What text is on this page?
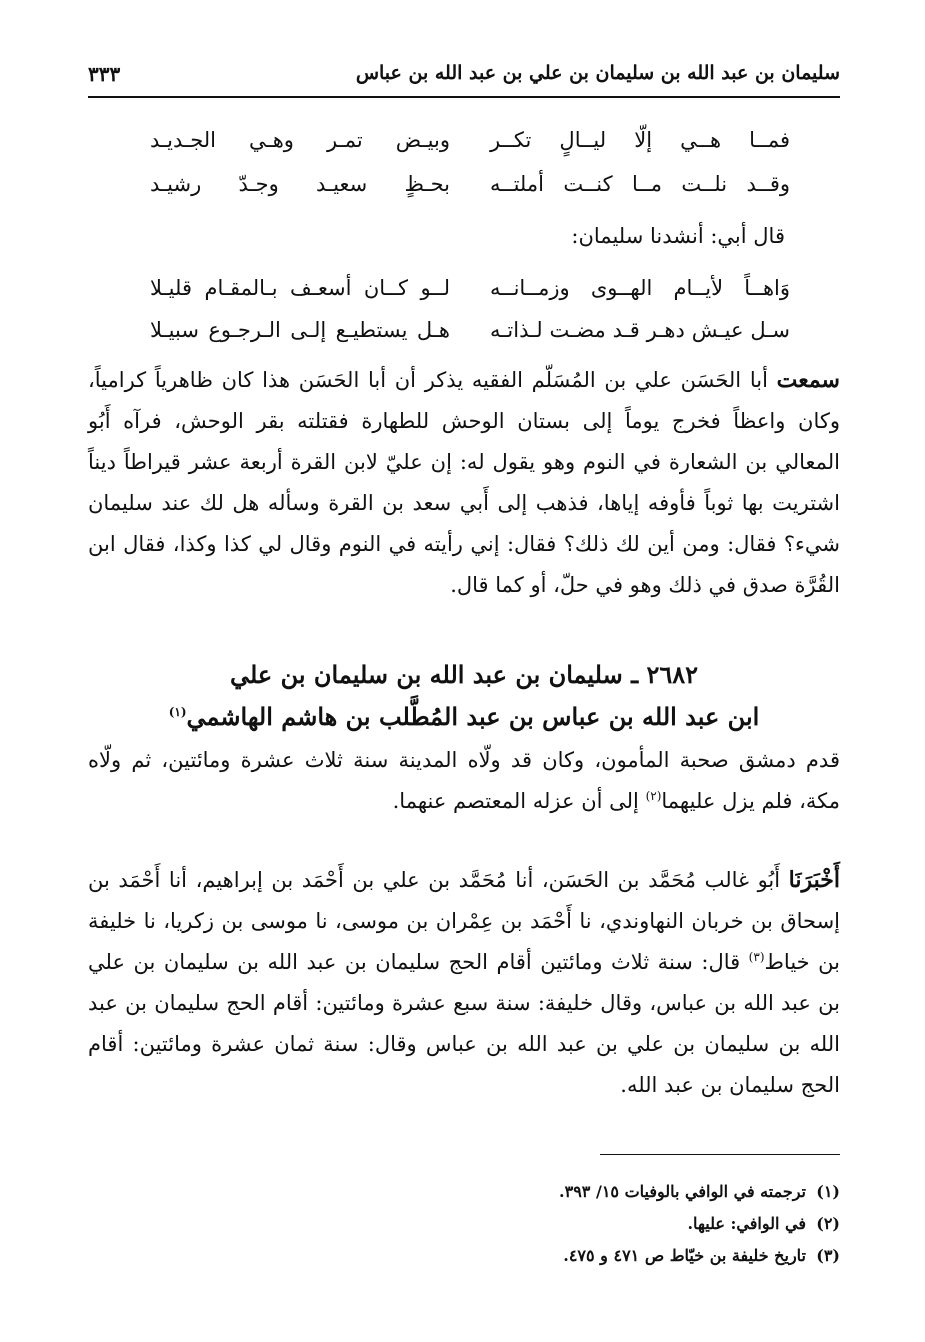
سليمان بن عبد الله بن سليمان بن علي بن عبد الله بن عباس
٣٣٣
فمــا هــي إلّا ليــالٍ تكــر
وبيـض تمـر وهـي الجـديـد
وقــد نلــت مــا كنــت أملتــه
بحـظٍ سعيـد وجـدّ رشيـد
قال أبي: أنشدنا سليمان:
وَاهــاً لأيــام الهــوى وزمــانــه
لــو كــان أسعـف بـالمقـام قليـلا
سـل عيـش دهـر قـد مضـت لـذاتـه
هـل يستطيـع إلـى الـرجـوع سبيـلا
سمعت أبا الحَسَن علي بن المُسَلّم الفقيه يذكر أن أبا الحَسَن هذا كان ظاهرياً كرامياً، وكان واعظاً فخرج يوماً إلى بستان الوحش للطهارة فقتلته بقر الوحش، فرآه أَبُو المعالي بن الشعارة في النوم وهو يقول له: إن عليّ لابن القرة أربعة عشر قيراطاً ديناً اشتريت بها ثوباً فأوفه إياها، فذهب إلى أَبي سعد بن القرة وسأله هل لك عند سليمان شيء؟ فقال: ومن أين لك ذلك؟ فقال: إني رأيته في النوم وقال لي كذا وكذا، فقال ابن القُرَّة صدق في ذلك وهو في حلّ، أو كما قال.
٢٦٨٢ ـ سليمان بن عبد الله بن سليمان بن علي
ابن عبد الله بن عباس بن عبد المُطَّلب بن هاشم الهاشمي$^{(١)}$
قدم دمشق صحبة المأمون، وكان قد ولّاه المدينة سنة ثلاث عشرة ومائتين، ثم ولّاه مكة، فلم يزل عليهما$^{(٢)}$ إلى أن عزله المعتصم عنهما.
أَخْبَرَنَا أَبُو غالب مُحَمَّد بن الحَسَن، أنا مُحَمَّد بن علي بن أَحْمَد بن إبراهيم، أنا أَحْمَد بن إسحاق بن خربان النهاوندي، نا أَحْمَد بن عِمْران بن موسى، نا موسى بن زكريا، نا خليفة بن خياط$^{(٣)}$ قال: سنة ثلاث ومائتين أقام الحج سليمان بن عبد الله بن سليمان بن علي بن عبد الله بن عباس، وقال خليفة: سنة سبع عشرة ومائتين: أقام الحج سليمان بن عبد الله بن سليمان بن علي بن عبد الله بن عباس وقال: سنة ثمان عشرة ومائتين: أقام الحج سليمان بن عبد الله.
(١)ترجمته في الوافي بالوفيات ١٥/ ٣٩٣.
(٢)في الوافي: عليها.
(٣)تاريخ خليفة بن خيّاط ص ٤٧١ و ٤٧٥.
